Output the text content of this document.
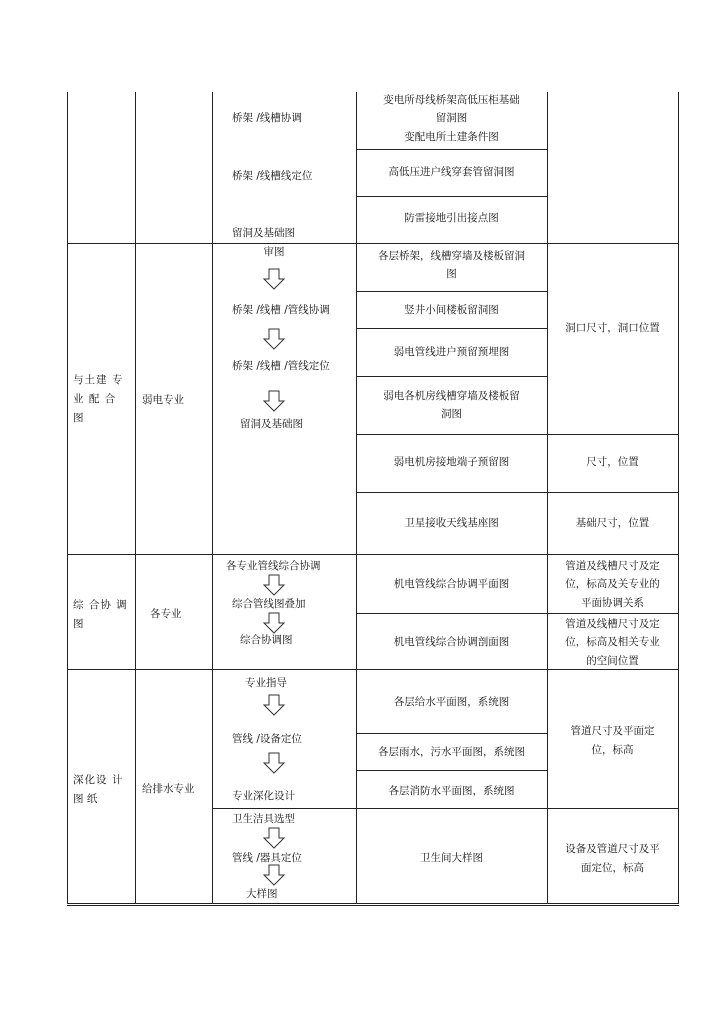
桥架 /线槽协调
桥架 /线槽线定位
留洞及基础图
变电所母线桥架高低压柜基础
留洞图
变配电所土建条件图
高低压进户线穿套管留洞图
防雷接地引出接点图
与土建 专
业 配 合
图
弱电专业
审图
桥架 /线槽 /管线协调
桥架 /线槽 /管线定位
留洞及基础图
各层桥架，线槽穿墙及楼板留洞
图
竖井小间楼板留洞图
弱电管线进户预留预埋图
弱电各机房线槽穿墙及楼板留
洞图
弱电机房接地端子预留图
卫星接收天线基座图
洞口尺寸，洞口位置
尺寸，位置
基础尺寸，位置
综 合协 调
图
各专业
各专业管线综合协调
综合管线图叠加
综合协调图
机电管线综合协调平面图
机电管线综合协调剖面图
管道及线槽尺寸及定
位，标高及关专业的
平面协调关系
管道及线槽尺寸及定
位，标高及相关专业
的空间位置
深化设 计
图 纸
给排水专业
专业指导
管线 /设备定位
专业深化设计
卫生洁具选型
管线 /器具定位
大样图
各层给水平面图，系统图
各层雨水，污水平面图，系统图
各层消防水平面图，系统图
卫生间大样图
管道尺寸及平面定
位，标高
设备及管道尺寸及平
面定位，标高
